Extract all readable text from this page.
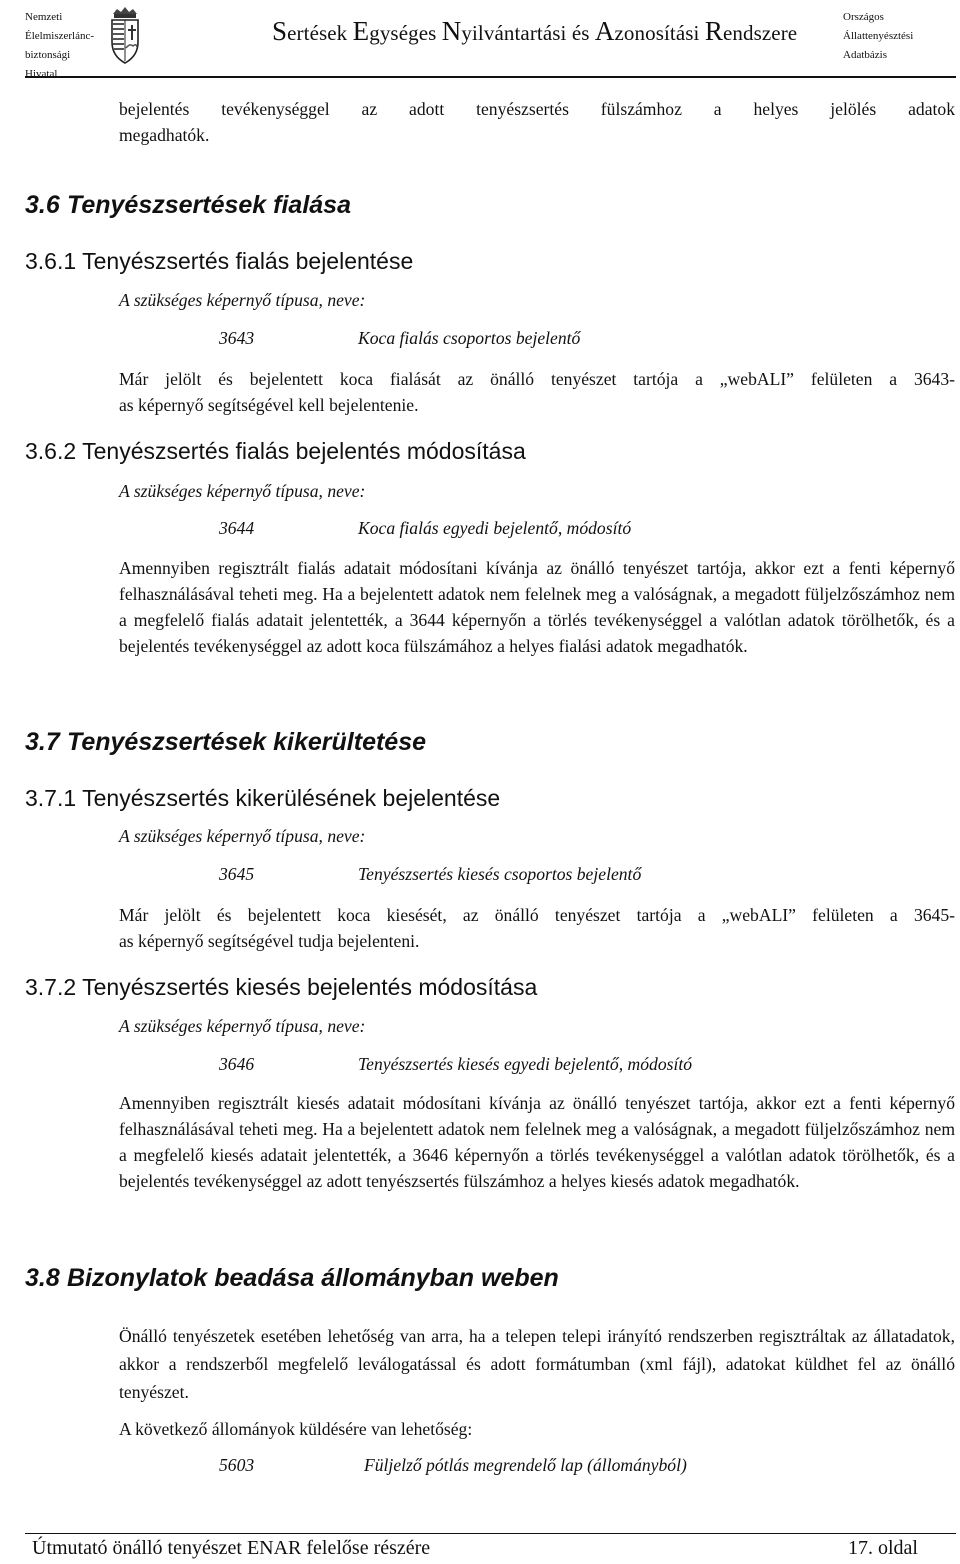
Nemzeti
Élelmiszerlánc-
biztonsági
Hivatal
Sertések Egységes Nyilvántartási és Azonosítási Rendszere
Országos
Állattenyésztési
Adatbázis
bejelentés tevékenységgel az adott tenyészsertés fülszámhoz a helyes jelölés adatok
megadhatók.
3.6 Tenyészsertések fialása
3.6.1 Tenyészsertés fialás bejelentése
A szükséges képernyő típusa, neve:
3643	Koca fialás csoportos bejelentő
Már jelölt és bejelentett koca fialását az önálló tenyészet tartója a „webALI” felületen a 3643-
as képernyő segítségével kell bejelentenie.
3.6.2 Tenyészsertés fialás bejelentés módosítása
A szükséges képernyő típusa, neve:
3644	Koca fialás egyedi bejelentő, módosító
Amennyiben regisztrált fialás adatait módosítani kívánja az önálló tenyészet tartója, akkor ezt a fenti képernyő felhasználásával teheti meg. Ha a bejelentett adatok nem felelnek meg a valóságnak, a megadott füljelzőszámhoz nem a megfelelő fialás adatait jelentették, a 3644 képernyőn a törlés tevékenységgel a valótlan adatok törölhetők, és a bejelentés tevékenységgel az adott koca fülszámához a helyes fialási adatok megadhatók.
3.7 Tenyészsertések kikerültetése
3.7.1 Tenyészsertés kikerülésének bejelentése
A szükséges képernyő típusa, neve:
3645	Tenyészsertés kiesés csoportos bejelentő
Már jelölt és bejelentett koca kiesését, az önálló tenyészet tartója a „webALI” felületen a 3645-
as képernyő segítségével tudja bejelenteni.
3.7.2 Tenyészsertés kiesés bejelentés módosítása
A szükséges képernyő típusa, neve:
3646	Tenyészsertés kiesés egyedi bejelentő, módosító
Amennyiben regisztrált kiesés adatait módosítani kívánja az önálló tenyészet tartója, akkor ezt a fenti képernyő felhasználásával teheti meg. Ha a bejelentett adatok nem felelnek meg a valóságnak, a megadott füljelzőszámhoz nem a megfelelő kiesés adatait jelentették, a 3646 képernyőn a törlés tevékenységgel a valótlan adatok törölhetők, és a bejelentés tevékenységgel az adott tenyészsertés fülszámhoz a helyes kiesés adatok megadhatók.
3.8 Bizonylatok beadása állományban weben
Önálló tenyészetek esetében lehetőség van arra, ha a telepen telepi irányító rendszerben regisztráltak az állatadatok, akkor a rendszerből megfelelő leválogatással és adott formátumban (xml fájl), adatokat küldhet fel az önálló tenyészet.
A következő állományok küldésére van lehetőség:
5603	Füljelző pótlás megrendelő lap (állományból)
Útmutató önálló tenyészet ENAR felelőse részére	17. oldal
